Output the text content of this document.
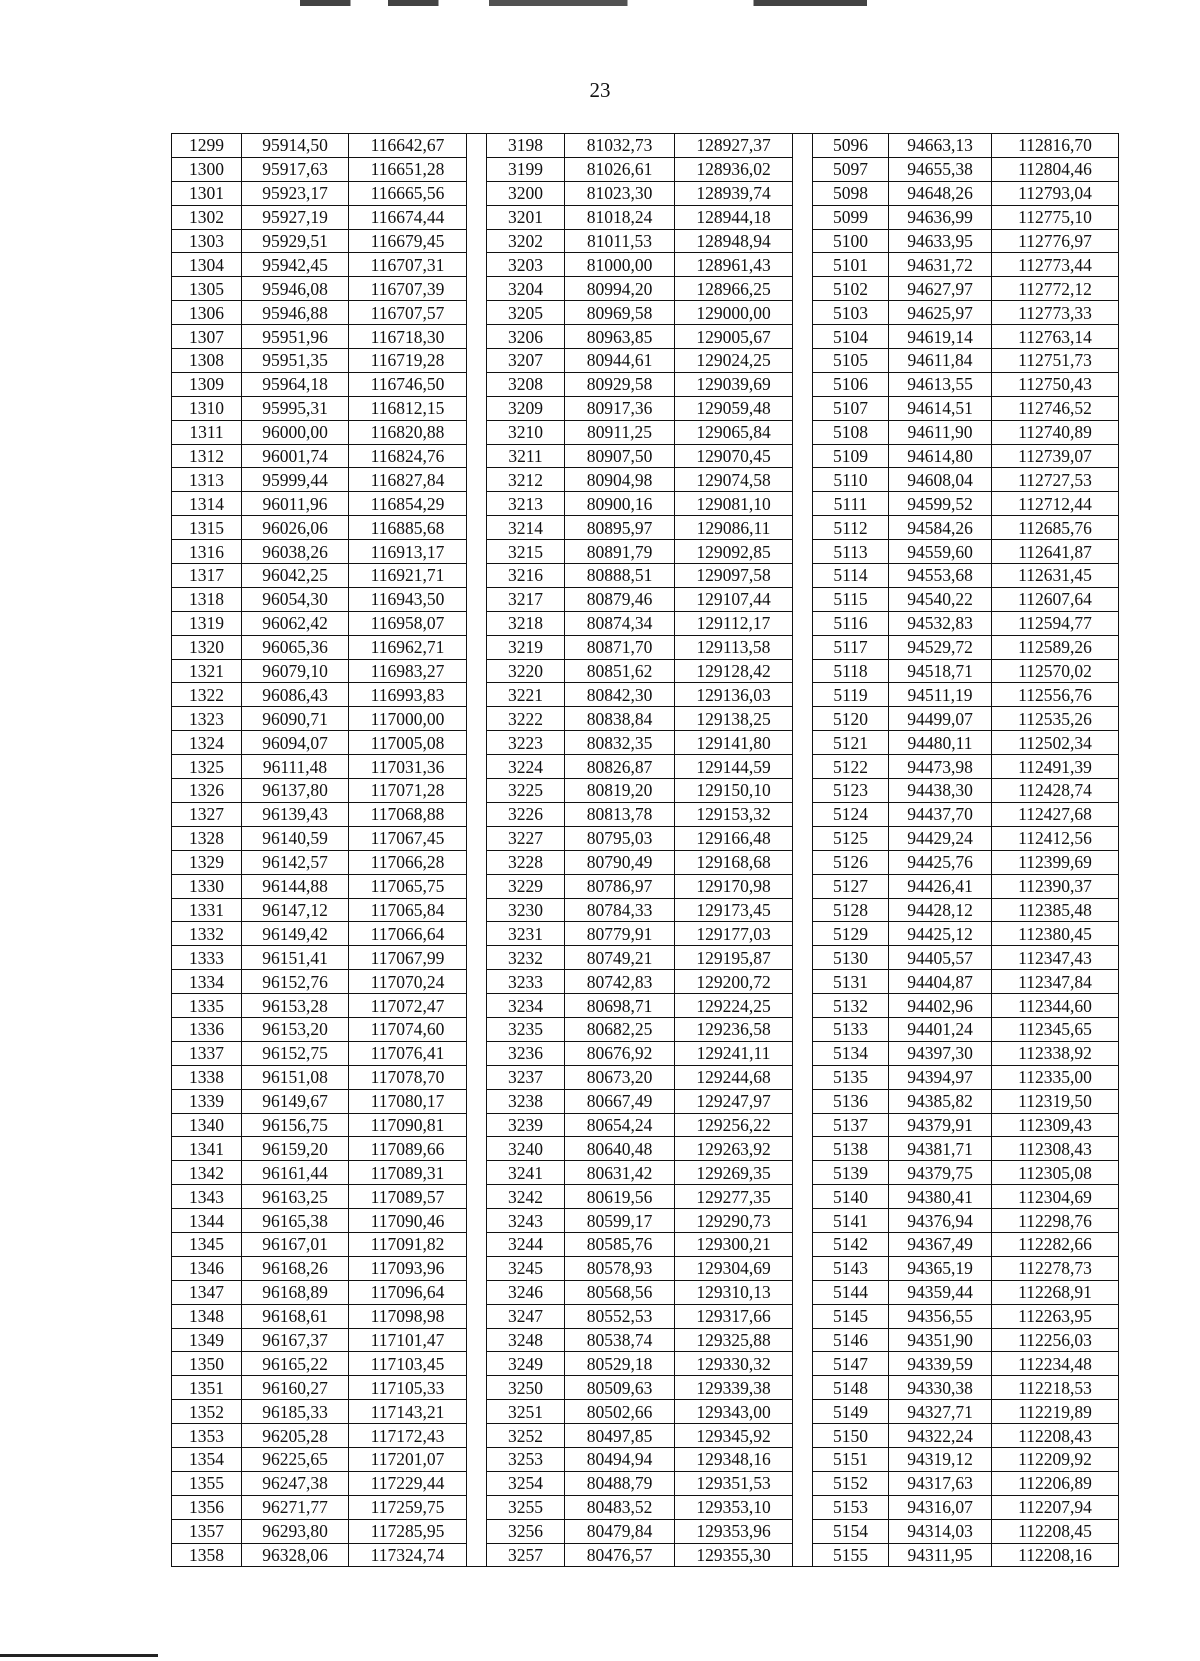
23
1299	95914,50	116642,67		3198	81032,73	128927,37		5096	94663,13	112816,70
1300	95917,63	116651,28		3199	81026,61	128936,02		5097	94655,38	112804,46
1301	95923,17	116665,56		3200	81023,30	128939,74		5098	94648,26	112793,04
1302	95927,19	116674,44		3201	81018,24	128944,18		5099	94636,99	112775,10
1303	95929,51	116679,45		3202	81011,53	128948,94		5100	94633,95	112776,97
1304	95942,45	116707,31		3203	81000,00	128961,43		5101	94631,72	112773,44
1305	95946,08	116707,39		3204	80994,20	128966,25		5102	94627,97	112772,12
1306	95946,88	116707,57		3205	80969,58	129000,00		5103	94625,97	112773,33
1307	95951,96	116718,30		3206	80963,85	129005,67		5104	94619,14	112763,14
1308	95951,35	116719,28		3207	80944,61	129024,25		5105	94611,84	112751,73
1309	95964,18	116746,50		3208	80929,58	129039,69		5106	94613,55	112750,43
1310	95995,31	116812,15		3209	80917,36	129059,48		5107	94614,51	112746,52
1311	96000,00	116820,88		3210	80911,25	129065,84		5108	94611,90	112740,89
1312	96001,74	116824,76		3211	80907,50	129070,45		5109	94614,80	112739,07
1313	95999,44	116827,84		3212	80904,98	129074,58		5110	94608,04	112727,53
1314	96011,96	116854,29		3213	80900,16	129081,10		5111	94599,52	112712,44
1315	96026,06	116885,68		3214	80895,97	129086,11		5112	94584,26	112685,76
1316	96038,26	116913,17		3215	80891,79	129092,85		5113	94559,60	112641,87
1317	96042,25	116921,71		3216	80888,51	129097,58		5114	94553,68	112631,45
1318	96054,30	116943,50		3217	80879,46	129107,44		5115	94540,22	112607,64
1319	96062,42	116958,07		3218	80874,34	129112,17		5116	94532,83	112594,77
1320	96065,36	116962,71		3219	80871,70	129113,58		5117	94529,72	112589,26
1321	96079,10	116983,27		3220	80851,62	129128,42		5118	94518,71	112570,02
1322	96086,43	116993,83		3221	80842,30	129136,03		5119	94511,19	112556,76
1323	96090,71	117000,00		3222	80838,84	129138,25		5120	94499,07	112535,26
1324	96094,07	117005,08		3223	80832,35	129141,80		5121	94480,11	112502,34
1325	96111,48	117031,36		3224	80826,87	129144,59		5122	94473,98	112491,39
1326	96137,80	117071,28		3225	80819,20	129150,10		5123	94438,30	112428,74
1327	96139,43	117068,88		3226	80813,78	129153,32		5124	94437,70	112427,68
1328	96140,59	117067,45		3227	80795,03	129166,48		5125	94429,24	112412,56
1329	96142,57	117066,28		3228	80790,49	129168,68		5126	94425,76	112399,69
1330	96144,88	117065,75		3229	80786,97	129170,98		5127	94426,41	112390,37
1331	96147,12	117065,84		3230	80784,33	129173,45		5128	94428,12	112385,48
1332	96149,42	117066,64		3231	80779,91	129177,03		5129	94425,12	112380,45
1333	96151,41	117067,99		3232	80749,21	129195,87		5130	94405,57	112347,43
1334	96152,76	117070,24		3233	80742,83	129200,72		5131	94404,87	112347,84
1335	96153,28	117072,47		3234	80698,71	129224,25		5132	94402,96	112344,60
1336	96153,20	117074,60		3235	80682,25	129236,58		5133	94401,24	112345,65
1337	96152,75	117076,41		3236	80676,92	129241,11		5134	94397,30	112338,92
1338	96151,08	117078,70		3237	80673,20	129244,68		5135	94394,97	112335,00
1339	96149,67	117080,17		3238	80667,49	129247,97		5136	94385,82	112319,50
1340	96156,75	117090,81		3239	80654,24	129256,22		5137	94379,91	112309,43
1341	96159,20	117089,66		3240	80640,48	129263,92		5138	94381,71	112308,43
1342	96161,44	117089,31		3241	80631,42	129269,35		5139	94379,75	112305,08
1343	96163,25	117089,57		3242	80619,56	129277,35		5140	94380,41	112304,69
1344	96165,38	117090,46		3243	80599,17	129290,73		5141	94376,94	112298,76
1345	96167,01	117091,82		3244	80585,76	129300,21		5142	94367,49	112282,66
1346	96168,26	117093,96		3245	80578,93	129304,69		5143	94365,19	112278,73
1347	96168,89	117096,64		3246	80568,56	129310,13		5144	94359,44	112268,91
1348	96168,61	117098,98		3247	80552,53	129317,66		5145	94356,55	112263,95
1349	96167,37	117101,47		3248	80538,74	129325,88		5146	94351,90	112256,03
1350	96165,22	117103,45		3249	80529,18	129330,32		5147	94339,59	112234,48
1351	96160,27	117105,33		3250	80509,63	129339,38		5148	94330,38	112218,53
1352	96185,33	117143,21		3251	80502,66	129343,00		5149	94327,71	112219,89
1353	96205,28	117172,43		3252	80497,85	129345,92		5150	94322,24	112208,43
1354	96225,65	117201,07		3253	80494,94	129348,16		5151	94319,12	112209,92
1355	96247,38	117229,44		3254	80488,79	129351,53		5152	94317,63	112206,89
1356	96271,77	117259,75		3255	80483,52	129353,10		5153	94316,07	112207,94
1357	96293,80	117285,95		3256	80479,84	129353,96		5154	94314,03	112208,45
1358	96328,06	117324,74		3257	80476,57	129355,30		5155	94311,95	112208,16
